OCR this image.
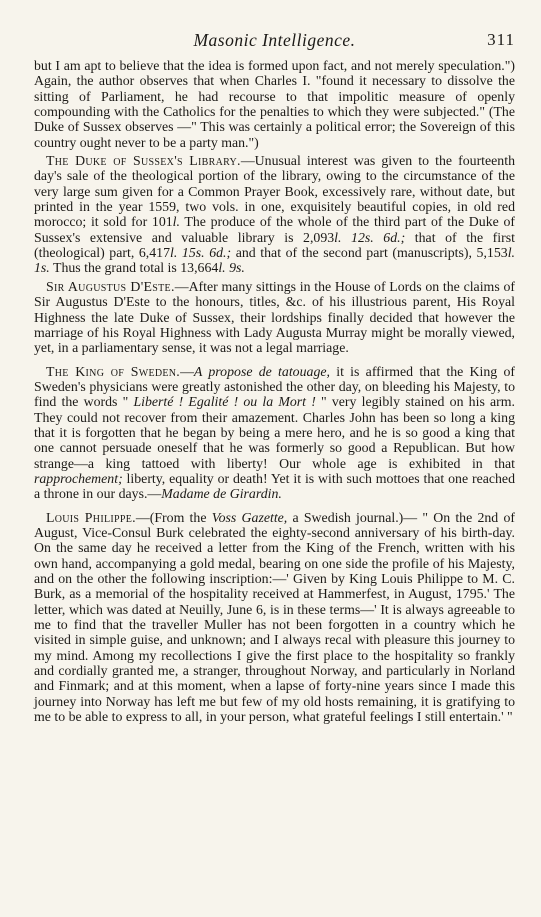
Masonic Intelligence.	311

but I am apt to believe that the idea is formed upon fact, and not merely speculation.") Again, the author observes that when Charles I. "found it necessary to dissolve the sitting of Parliament, he had recourse to that impolitic measure of openly compounding with the Catholics for the penalties to which they were subjected." (The Duke of Sussex observes —" This was certainly a political error; the Sovereign of this country ought never to be a party man.")

The Duke of Sussex's Library.—Unusual interest was given to the fourteenth day's sale of the theological portion of the library, owing to the circumstance of the very large sum given for a Common Prayer Book, excessively rare, without date, but printed in the year 1559, two vols. in one, exquisitely beautiful copies, in old red morocco; it sold for 101l. The produce of the whole of the third part of the Duke of Sussex's extensive and valuable library is 2,093l. 12s. 6d.; that of the first (theological) part, 6,417l. 15s. 6d.; and that of the second part (manuscripts), 5,153l. 1s. Thus the grand total is 13,664l. 9s.

Sir Augustus D'Este.—After many sittings in the House of Lords on the claims of Sir Augustus D'Este to the honours, titles, &c. of his illustrious parent, His Royal Highness the late Duke of Sussex, their lordships finally decided that however the marriage of his Royal Highness with Lady Augusta Murray might be morally viewed, yet, in a parliamentary sense, it was not a legal marriage.

The King of Sweden.—A propose de tatouage, it is affirmed that the King of Sweden's physicians were greatly astonished the other day, on bleeding his Majesty, to find the words " Liberté ! Egalité ! ou la Mort ! " very legibly stained on his arm. They could not recover from their amazement. Charles John has been so long a king that it is forgotten that he began by being a mere hero, and he is so good a king that one cannot persuade oneself that he was formerly so good a Republican. But how strange—a king tattoed with liberty! Our whole age is exhibited in that rapprochement; liberty, equality or death! Yet it is with such mottoes that one reached a throne in our days.—Madame de Girardin.

Louis Philippe.—(From the Voss Gazette, a Swedish journal.)— " On the 2nd of August, Vice-Consul Burk celebrated the eighty-second anniversary of his birth-day. On the same day he received a letter from the King of the French, written with his own hand, accompanying a gold medal, bearing on one side the profile of his Majesty, and on the other the following inscription:—' Given by King Louis Philippe to M. C. Burk, as a memorial of the hospitality received at Hammerfest, in August, 1795.' The letter, which was dated at Neuilly, June 6, is in these terms—' It is always agreeable to me to find that the traveller Muller has not been forgotten in a country which he visited in simple guise, and unknown; and I always recal with pleasure this journey to my mind. Among my recollections I give the first place to the hospitality so frankly and cordially granted me, a stranger, throughout Norway, and particularly in Norland and Finmark; and at this moment, when a lapse of forty-nine years since I made this journey into Norway has left me but few of my old hosts remaining, it is gratifying to me to be able to express to all, in your person, what grateful feelings I still entertain.' "
